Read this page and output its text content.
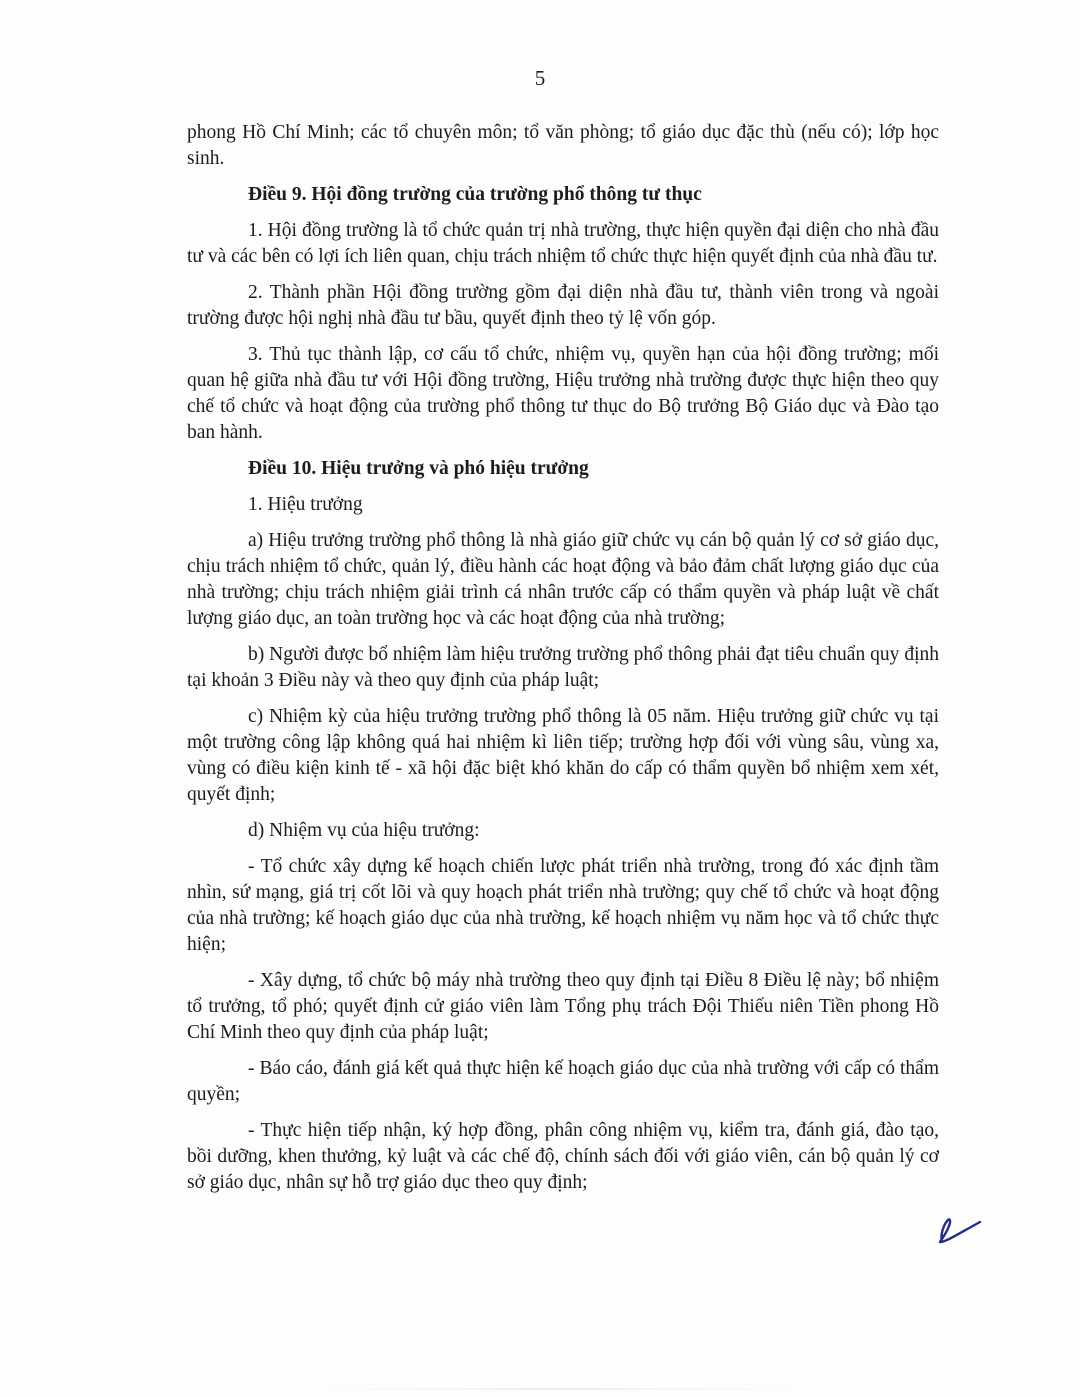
5

phong Hồ Chí Minh; các tổ chuyên môn; tổ văn phòng; tổ giáo dục đặc thù (nếu có); lớp học sinh.

Điều 9. Hội đồng trường của trường phổ thông tư thục

1. Hội đồng trường là tổ chức quản trị nhà trường, thực hiện quyền đại diện cho nhà đầu tư và các bên có lợi ích liên quan, chịu trách nhiệm tổ chức thực hiện quyết định của nhà đầu tư.

2. Thành phần Hội đồng trường gồm đại diện nhà đầu tư, thành viên trong và ngoài trường được hội nghị nhà đầu tư bầu, quyết định theo tỷ lệ vốn góp.

3. Thủ tục thành lập, cơ cấu tổ chức, nhiệm vụ, quyền hạn của hội đồng trường; mối quan hệ giữa nhà đầu tư với Hội đồng trường, Hiệu trưởng nhà trường được thực hiện theo quy chế tổ chức và hoạt động của trường phổ thông tư thục do Bộ trưởng Bộ Giáo dục và Đào tạo ban hành.

Điều 10. Hiệu trưởng và phó hiệu trưởng

1. Hiệu trưởng

a) Hiệu trưởng trường phổ thông là nhà giáo giữ chức vụ cán bộ quản lý cơ sở giáo dục, chịu trách nhiệm tổ chức, quản lý, điều hành các hoạt động và bảo đảm chất lượng giáo dục của nhà trường; chịu trách nhiệm giải trình cá nhân trước cấp có thẩm quyền và pháp luật về chất lượng giáo dục, an toàn trường học và các hoạt động của nhà trường;

b) Người được bổ nhiệm làm hiệu trưởng trường phổ thông phải đạt tiêu chuẩn quy định tại khoản 3 Điều này và theo quy định của pháp luật;

c) Nhiệm kỳ của hiệu trưởng trường phổ thông là 05 năm. Hiệu trưởng giữ chức vụ tại một trường công lập không quá hai nhiệm kì liên tiếp; trường hợp đối với vùng sâu, vùng xa, vùng có điều kiện kinh tế - xã hội đặc biệt khó khăn do cấp có thẩm quyền bổ nhiệm xem xét, quyết định;

d) Nhiệm vụ của hiệu trưởng:

- Tổ chức xây dựng kế hoạch chiến lược phát triển nhà trường, trong đó xác định tầm nhìn, sứ mạng, giá trị cốt lõi và quy hoạch phát triển nhà trường; quy chế tổ chức và hoạt động của nhà trường; kế hoạch giáo dục của nhà trường, kế hoạch nhiệm vụ năm học và tổ chức thực hiện;

- Xây dựng, tổ chức bộ máy nhà trường theo quy định tại Điều 8 Điều lệ này; bổ nhiệm tổ trưởng, tổ phó; quyết định cử giáo viên làm Tổng phụ trách Đội Thiếu niên Tiền phong Hồ Chí Minh theo quy định của pháp luật;

- Báo cáo, đánh giá kết quả thực hiện kế hoạch giáo dục của nhà trường với cấp có thẩm quyền;

- Thực hiện tiếp nhận, ký hợp đồng, phân công nhiệm vụ, kiểm tra, đánh giá, đào tạo, bồi dưỡng, khen thưởng, kỷ luật và các chế độ, chính sách đối với giáo viên, cán bộ quản lý cơ sở giáo dục, nhân sự hỗ trợ giáo dục theo quy định;
